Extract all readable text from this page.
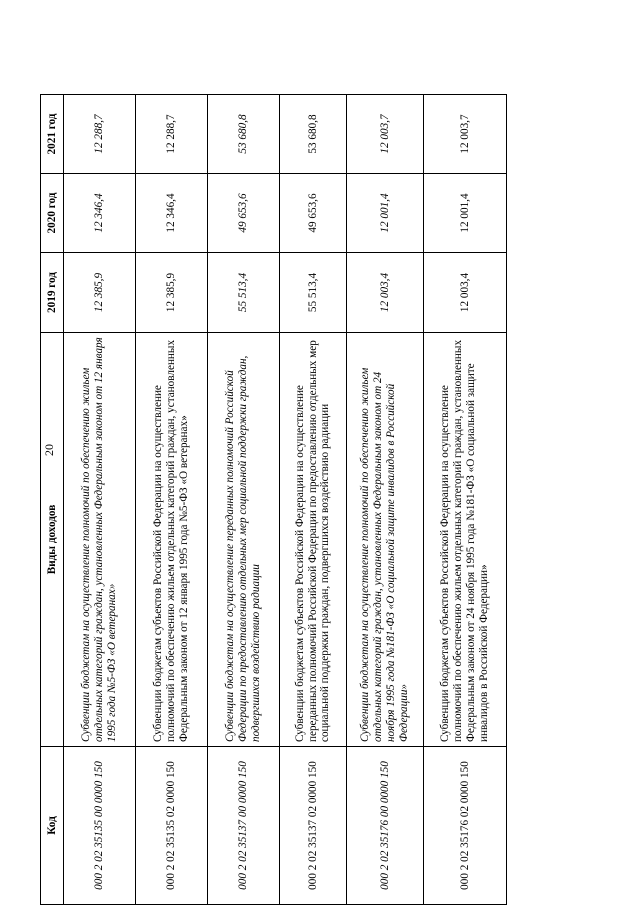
20
Код	Виды доходов	2019 год	2020 год	2021 год
000 2 02 35135 00 0000 150	Субвенции бюджетам на осуществление полномочий по обеспечению жильем отдельных категорий граждан, установленных Федеральным законом от 12 января 1995 года №5-ФЗ «О ветеранах»	12 385,9	12 346,4	12 288,7
000 2 02 35135 02 0000 150	Субвенции бюджетам субъектов Российской Федерации на осуществление полномочий по обеспечению жильем отдельных категорий граждан, установленных Федеральным законом от 12 января 1995 года №5-ФЗ «О ветеранах»	12 385,9	12 346,4	12 288,7
000 2 02 35137 00 0000 150	Субвенции бюджетам на осуществление переданных полномочий Российской Федерации по предоставлению отдельных мер социальной поддержки граждан, подвергшихся воздействию радиации	55 513,4	49 653,6	53 680,8
000 2 02 35137 02 0000 150	Субвенции бюджетам субъектов Российской Федерации на осуществление переданных полномочий Российской Федерации по предоставлению отдельных мер социальной поддержки граждан, подвергшихся воздействию радиации	55 513,4	49 653,6	53 680,8
000 2 02 35176 00 0000 150	Субвенции бюджетам на осуществление полномочий по обеспечению жильем отдельных категорий граждан, установленных Федеральным законом от 24 ноября 1995 года №181-ФЗ «О социальной защите инвалидов в Российской Федерации»	12 003,4	12 001,4	12 003,7
000 2 02 35176 02 0000 150	Субвенции бюджетам субъектов Российской Федерации на осуществление полномочий по обеспечению жильем отдельных категорий граждан, установленных Федеральным законом от 24 ноября 1995 года №181-ФЗ «О социальной защите инвалидов в Российской Федерации»	12 003,4	12 001,4	12 003,7
